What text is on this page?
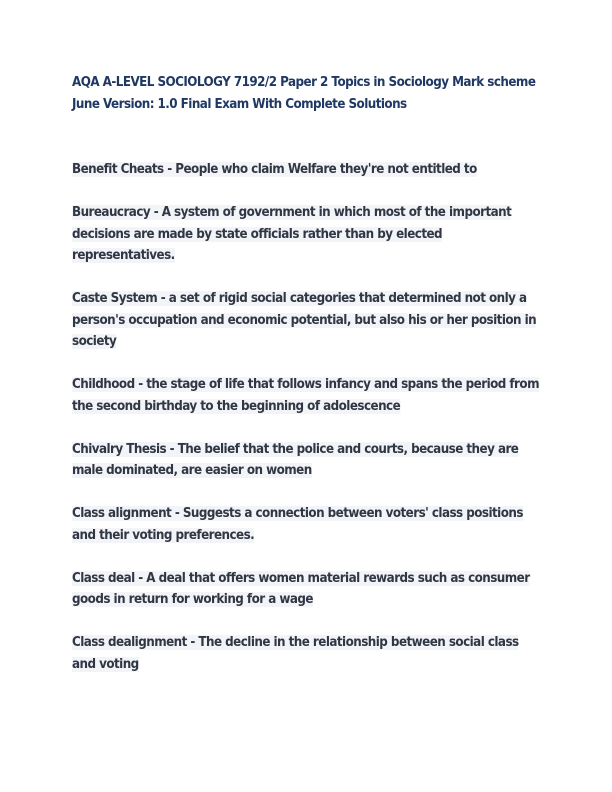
AQA A-LEVEL SOCIOLOGY 7192/2 Paper 2 Topics in Sociology Mark scheme June Version: 1.0 Final Exam With Complete Solutions

Benefit Cheats - People who claim Welfare they're not entitled to

Bureaucracy - A system of government in which most of the important decisions are made by state officials rather than by elected representatives.

Caste System - a set of rigid social categories that determined not only a person's occupation and economic potential, but also his or her position in society

Childhood - the stage of life that follows infancy and spans the period from the second birthday to the beginning of adolescence

Chivalry Thesis - The belief that the police and courts, because they are male dominated, are easier on women

Class alignment - Suggests a connection between voters' class positions and their voting preferences.

Class deal - A deal that offers women material rewards such as consumer goods in return for working for a wage

Class dealignment - The decline in the relationship between social class and voting
